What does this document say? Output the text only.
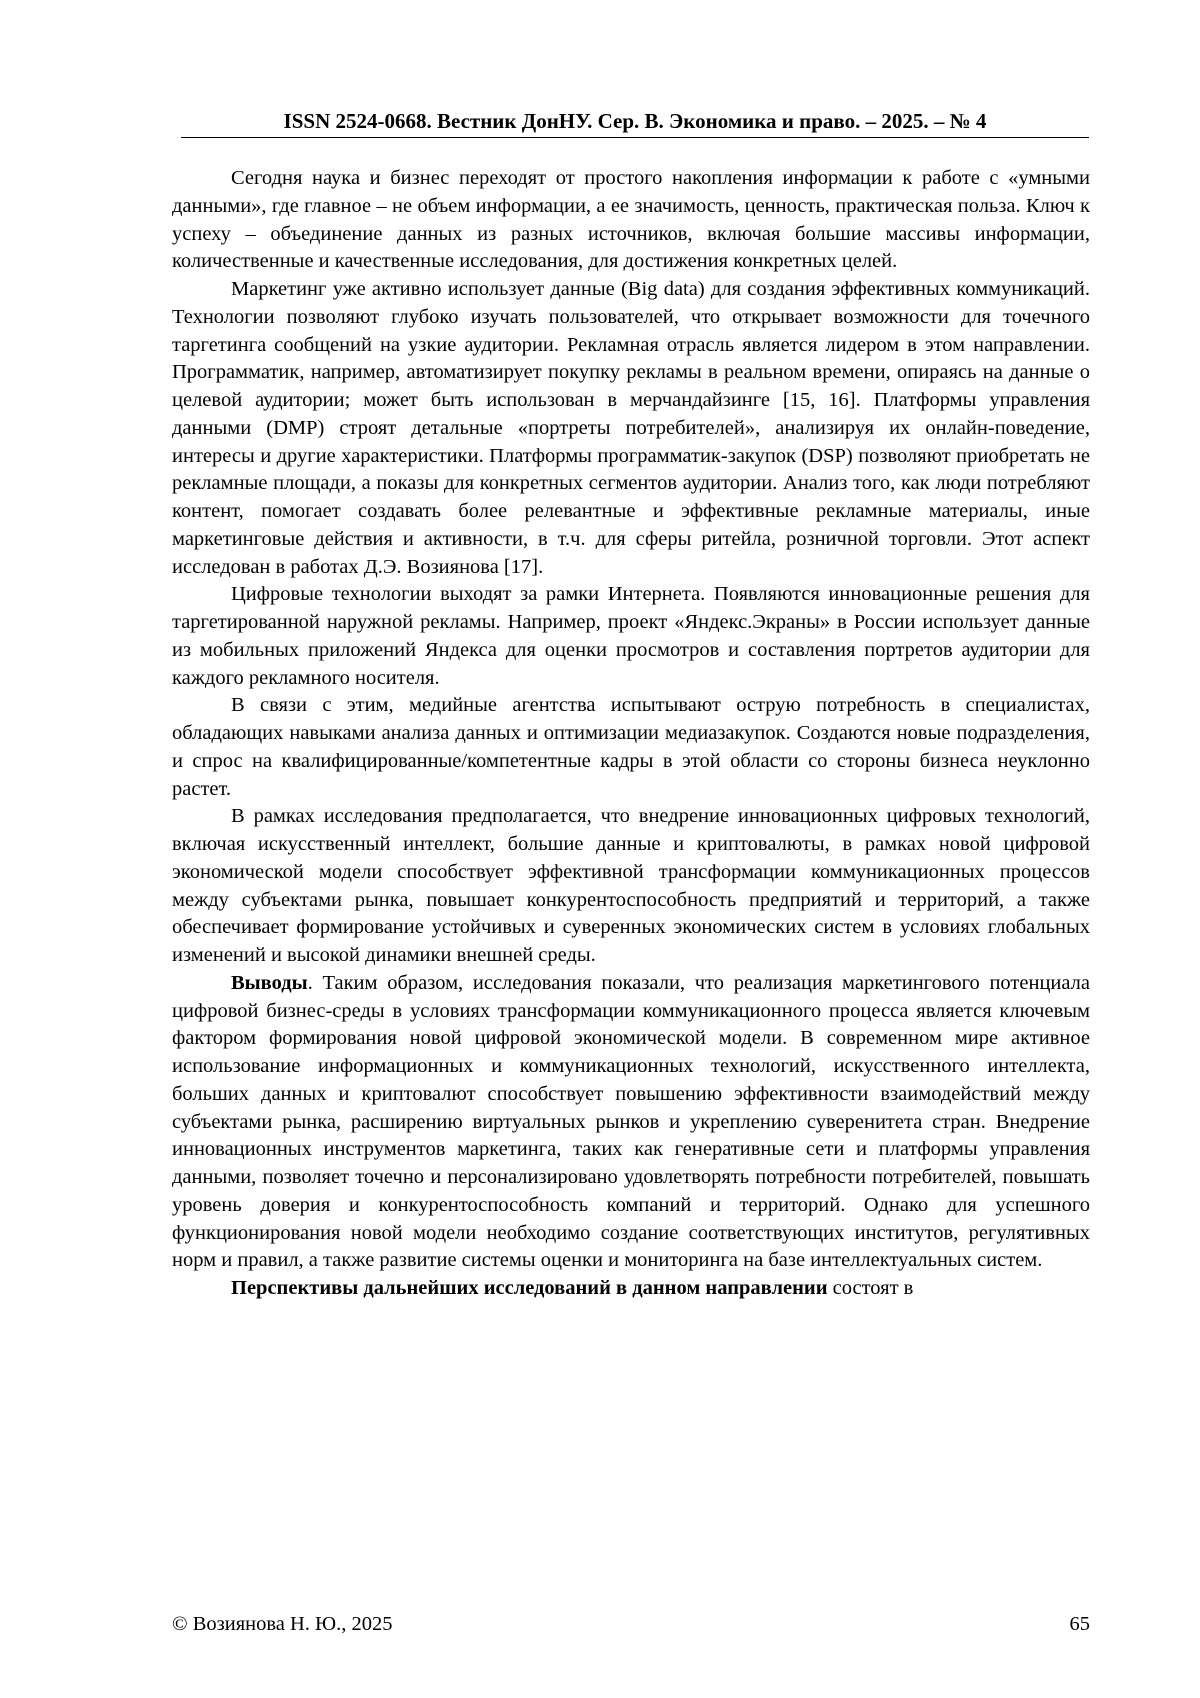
ISSN 2524-0668. Вестник ДонНУ. Сер. В. Экономика и право. – 2025. – № 4

Сегодня наука и бизнес переходят от простого накопления информации к работе с «умными данными», где главное – не объем информации, а ее значимость, ценность, практическая польза. Ключ к успеху – объединение данных из разных источников, включая большие массивы информации, количественные и качественные исследования, для достижения конкретных целей.

Маркетинг уже активно использует данные (Big data) для создания эффективных коммуникаций. Технологии позволяют глубоко изучать пользователей, что открывает возможности для точечного таргетинга сообщений на узкие аудитории. Рекламная отрасль является лидером в этом направлении. Программатик, например, автоматизирует покупку рекламы в реальном времени, опираясь на данные о целевой аудитории; может быть использован в мерчандайзинге [15, 16]. Платформы управления данными (DMP) строят детальные «портреты потребителей», анализируя их онлайн-поведение, интересы и другие характеристики. Платформы программатик-закупок (DSP) позволяют приобретать не рекламные площади, а показы для конкретных сегментов аудитории. Анализ того, как люди потребляют контент, помогает создавать более релевантные и эффективные рекламные материалы, иные маркетинговые действия и активности, в т.ч. для сферы ритейла, розничной торговли. Этот аспект исследован в работах Д.Э. Возиянова [17].

Цифровые технологии выходят за рамки Интернета. Появляются инновационные решения для таргетированной наружной рекламы. Например, проект «Яндекс.Экраны» в России использует данные из мобильных приложений Яндекса для оценки просмотров и составления портретов аудитории для каждого рекламного носителя.

В связи с этим, медийные агентства испытывают острую потребность в специалистах, обладающих навыками анализа данных и оптимизации медиазакупок. Создаются новые подразделения, и спрос на квалифицированные/компетентные кадры в этой области со стороны бизнеса неуклонно растет.

В рамках исследования предполагается, что внедрение инновационных цифровых технологий, включая искусственный интеллект, большие данные и криптовалюты, в рамках новой цифровой экономической модели способствует эффективной трансформации коммуникационных процессов между субъектами рынка, повышает конкурентоспособность предприятий и территорий, а также обеспечивает формирование устойчивых и суверенных экономических систем в условиях глобальных изменений и высокой динамики внешней среды.

Выводы. Таким образом, исследования показали, что реализация маркетингового потенциала цифровой бизнес-среды в условиях трансформации коммуникационного процесса является ключевым фактором формирования новой цифровой экономической модели. В современном мире активное использование информационных и коммуникационных технологий, искусственного интеллекта, больших данных и криптовалют способствует повышению эффективности взаимодействий между субъектами рынка, расширению виртуальных рынков и укреплению суверенитета стран. Внедрение инновационных инструментов маркетинга, таких как генеративные сети и платформы управления данными, позволяет точечно и персонализировано удовлетворять потребности потребителей, повышать уровень доверия и конкурентоспособность компаний и территорий. Однако для успешного функционирования новой модели необходимо создание соответствующих институтов, регулятивных норм и правил, а также развитие системы оценки и мониторинга на базе интеллектуальных систем.

Перспективы дальнейших исследований в данном направлении состоят в

© Возиянова Н. Ю., 2025	65
